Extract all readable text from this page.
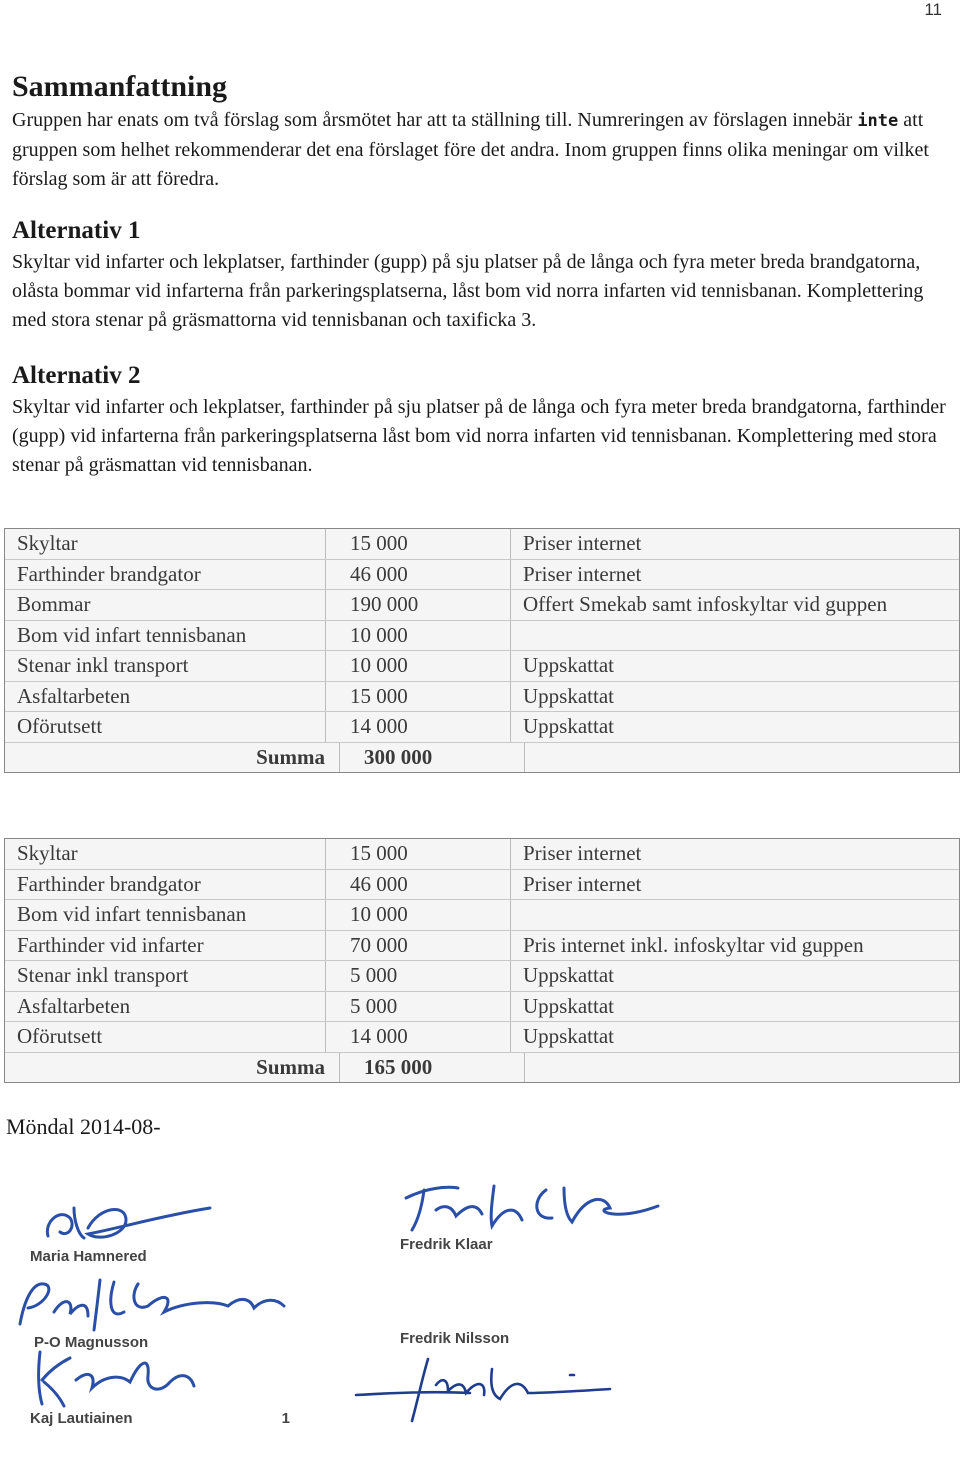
11
Sammanfattning

Gruppen har enats om två förslag som årsmötet har att ta ställning till. Numreringen av förslagen innebär inte att gruppen som helhet rekommenderar det ena förslaget före det andra. Inom gruppen finns olika meningar om vilket förslag som är att föredra.

Alternativ 1

Skyltar vid infarter och lekplatser, farthinder (gupp) på sju platser på de långa och fyra meter breda brandgatorna, olåsta bommar vid infarterna från parkeringsplatserna, låst bom vid norra infarten vid tennisbanan. Komplettering med stora stenar på gräsmattorna vid tennisbanan och taxificka 3.

Alternativ 2

Skyltar vid infarter och lekplatser, farthinder på sju platser på de långa och fyra meter breda brandgatorna, farthinder (gupp) vid infarterna från parkeringsplatserna låst bom vid norra infarten vid tennisbanan. Komplettering med stora stenar på gräsmattan vid tennisbanan.

Skyltar	15 000	Priser internet
Farthinder brandgator	46 000	Priser internet
Bommar	190 000	Offert Smekab samt infoskyltar vid guppen
Bom vid infart tennisbanan	10 000
Stenar inkl transport	10 000	Uppskattat
Asfaltarbeten	15 000	Uppskattat
Oförutsett	14 000	Uppskattat
Summa	300 000
Skyltar	15 000	Priser internet
Farthinder brandgator	46 000	Priser internet
Bom vid infart tennisbanan	10 000
Farthinder vid infarter	70 000	Pris internet inkl. infoskyltar vid guppen
Stenar inkl transport	5 000	Uppskattat
Asfaltarbeten	5 000	Uppskattat
Oförutsett	14 000	Uppskattat
Summa	165 000
Möndal 2014-08-
Maria Hamnered
Fredrik Klaar
P-O Magnusson	Fredrik Nilsson
Kaj Lautiainen	1
